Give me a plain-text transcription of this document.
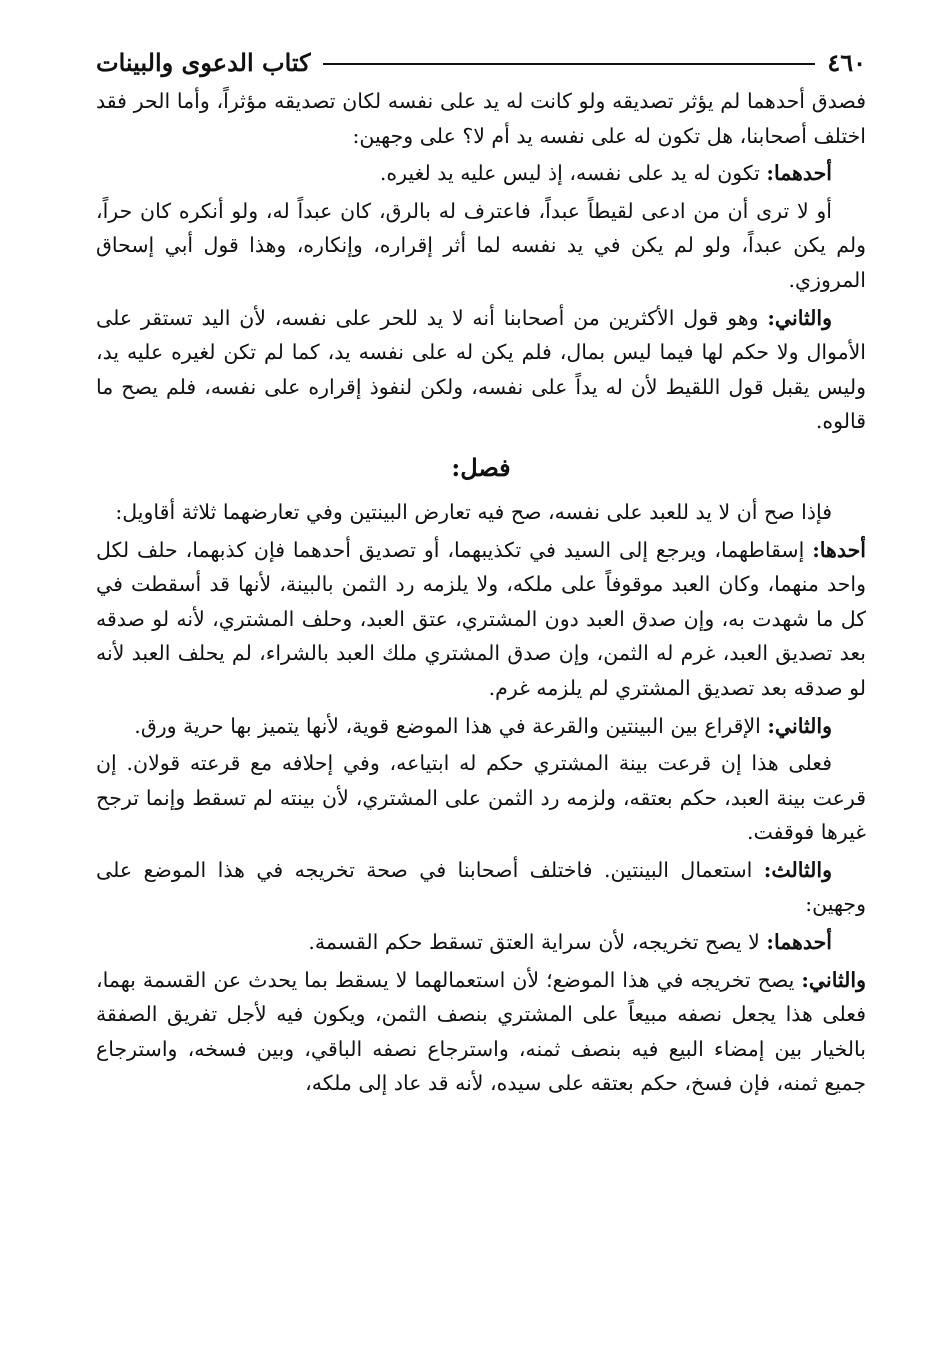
٤٦٠
كتاب الدعوى والبينات

فصدق أحدهما لم يؤثر تصديقه ولو كانت له يد على نفسه لكان تصديقه مؤثراً، وأما الحر فقد اختلف أصحابنا، هل تكون له على نفسه يد أم لا؟ على وجهين:

أحدهما: تكون له يد على نفسه، إذ ليس عليه يد لغيره.

أو لا ترى أن من ادعى لقيطاً عبداً، فاعترف له بالرق، كان عبداً له، ولو أنكره كان حراً، ولم يكن عبداً، ولو لم يكن في يد نفسه لما أثر إقراره، وإنكاره، وهذا قول أبي إسحاق المروزي.

والثاني: وهو قول الأكثرين من أصحابنا أنه لا يد للحر على نفسه، لأن اليد تستقر على الأموال ولا حكم لها فيما ليس بمال، فلم يكن له على نفسه يد، كما لم تكن لغيره عليه يد، وليس يقبل قول اللقيط لأن له يداً على نفسه، ولكن لنفوذ إقراره على نفسه، فلم يصح ما قالوه.

فصل:

فإذا صح أن لا يد للعبد على نفسه، صح فيه تعارض البينتين وفي تعارضهما ثلاثة أقاويل:

أحدها: إسقاطهما، ويرجع إلى السيد في تكذيبهما، أو تصديق أحدهما فإن كذبهما، حلف لكل واحد منهما، وكان العبد موقوفاً على ملكه، ولا يلزمه رد الثمن بالبينة، لأنها قد أسقطت في كل ما شهدت به، وإن صدق العبد دون المشتري، عتق العبد، وحلف المشتري، لأنه لو صدقه بعد تصديق العبد، غرم له الثمن، وإن صدق المشتري ملك العبد بالشراء، لم يحلف العبد لأنه لو صدقه بعد تصديق المشتري لم يلزمه غرم.

والثاني: الإقراع بين البينتين والقرعة في هذا الموضع قوية، لأنها يتميز بها حرية ورق.

فعلى هذا إن قرعت بينة المشتري حكم له ابتياعه، وفي إحلافه مع قرعته قولان. إن قرعت بينة العبد، حكم بعتقه، ولزمه رد الثمن على المشتري، لأن بينته لم تسقط وإنما ترجح غيرها فوقفت.

والثالث: استعمال البينتين. فاختلف أصحابنا في صحة تخريجه في هذا الموضع على وجهين:

أحدهما: لا يصح تخريجه، لأن سراية العتق تسقط حكم القسمة.

والثاني: يصح تخريجه في هذا الموضع؛ لأن استعمالهما لا يسقط بما يحدث عن القسمة بهما، فعلى هذا يجعل نصفه مبيعاً على المشتري بنصف الثمن، ويكون فيه لأجل تفريق الصفقة بالخيار بين إمضاء البيع فيه بنصف ثمنه، واسترجاع نصفه الباقي، وبين فسخه، واسترجاع جميع ثمنه، فإن فسخ، حكم بعتقه على سيده، لأنه قد عاد إلى ملكه،
